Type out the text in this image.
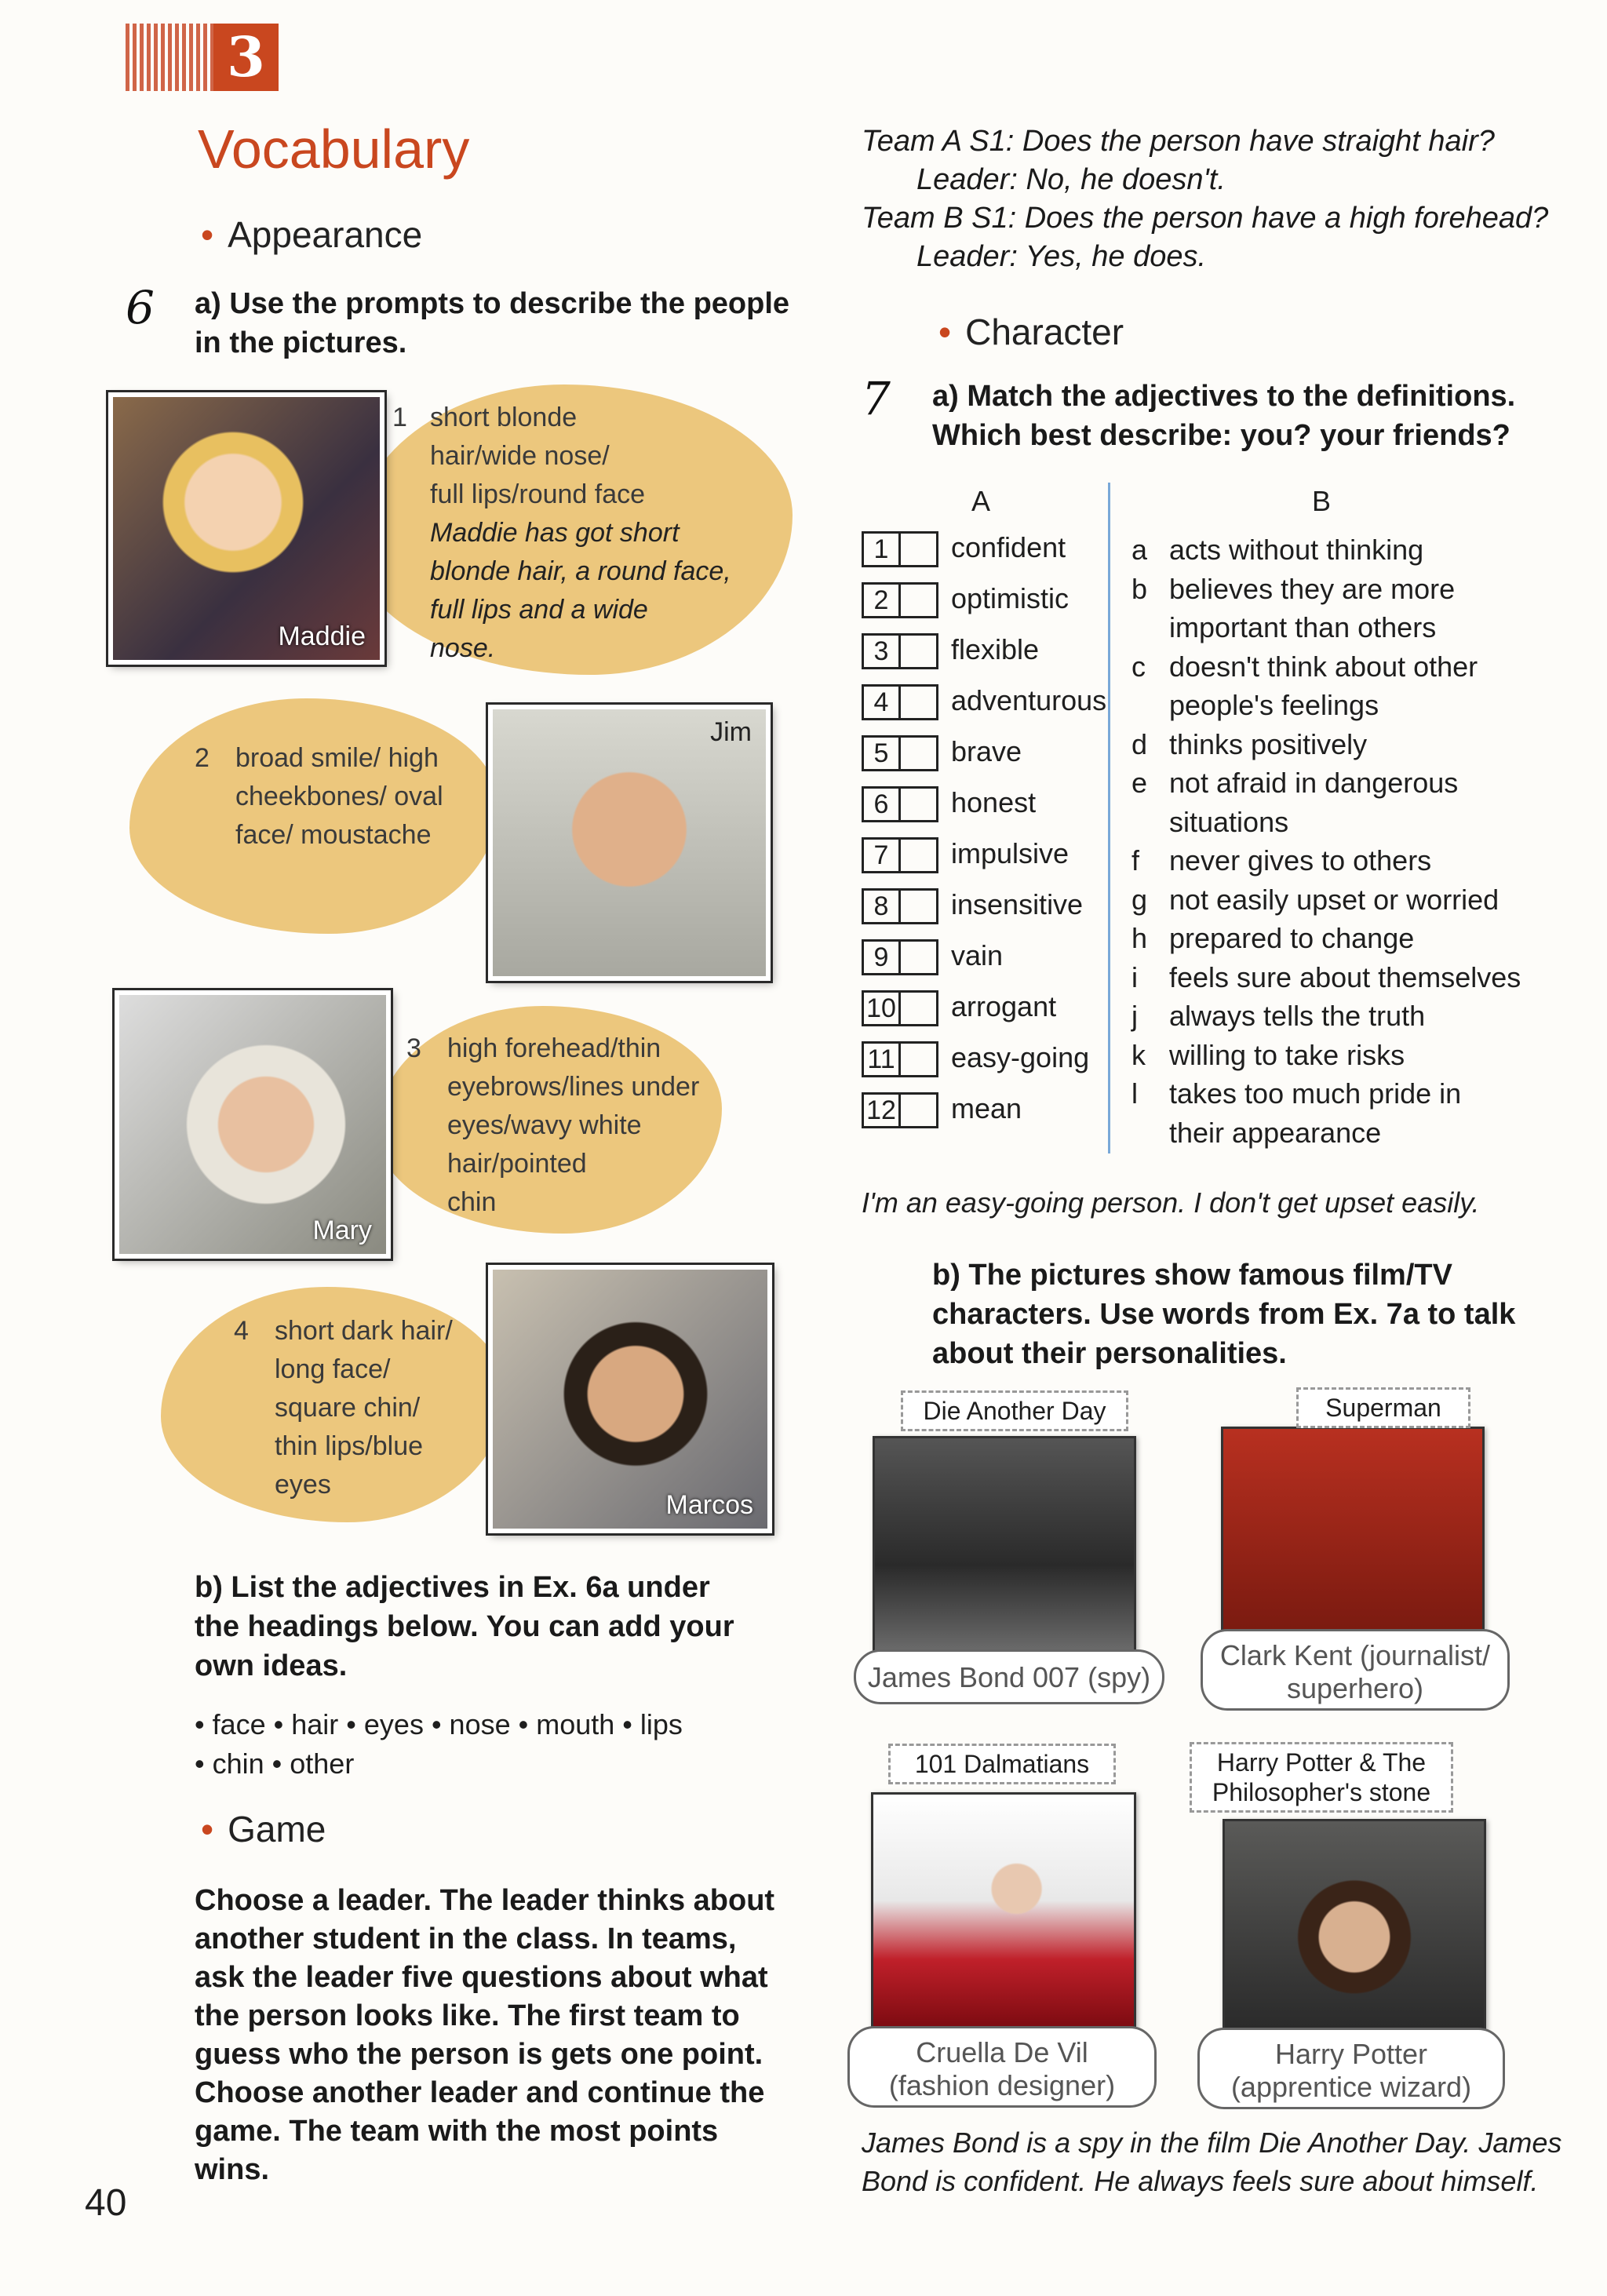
3
Vocabulary
• Appearance
6 a) Use the prompts to describe the people in the pictures.
Maddie
1 short blonde
hair/wide nose/
full lips/round face
Maddie has got short
blonde hair, a round face,
full lips and a wide
nose.
Jim
2 broad smile/ high
cheekbones/ oval
face/ moustache
Mary
3 high forehead/thin
eyebrows/lines under
eyes/wavy white
hair/pointed
chin
Marcos
4 short dark hair/
long face/
square chin/
thin lips/blue
eyes
b) List the adjectives in Ex. 6a under the headings below. You can add your own ideas.
• face • hair • eyes • nose • mouth • lips
• chin • other
• Game
Choose a leader. The leader thinks about another student in the class. In teams, ask the leader five questions about what the person looks like. The first team to guess who the person is gets one point. Choose another leader and continue the game. The team with the most points wins.
40
Team A S1: Does the person have straight hair?
Leader: No, he doesn't.
Team B S1: Does the person have a high forehead?
Leader: Yes, he does.
• Character
7 a) Match the adjectives to the definitions. Which best describe: you? your friends?
A	B
1	confident
2	optimistic
3	flexible
4	adventurous
5	brave
6	honest
7	impulsive
8	insensitive
9	vain
10 arrogant
11 easy-going
12 mean
a acts without thinking
b believes they are more
important than others
c doesn't think about other
people's feelings
d thinks positively
e not afraid in dangerous
situations
f never gives to others
g not easily upset or worried
h prepared to change
i feels sure about themselves
j always tells the truth
k willing to take risks
l takes too much pride in
their appearance
I'm an easy-going person. I don't get upset easily.
b) The pictures show famous film/TV characters. Use words from Ex. 7a to talk about their personalities.
Die Another Day
James Bond 007 (spy)
Superman
Clark Kent (journalist/
superhero)
101 Dalmatians
Cruella De Vil
(fashion designer)
Harry Potter & The
Philosopher's stone
Harry Potter
(apprentice wizard)
James Bond is a spy in the film Die Another Day. James
Bond is confident. He always feels sure about himself.
